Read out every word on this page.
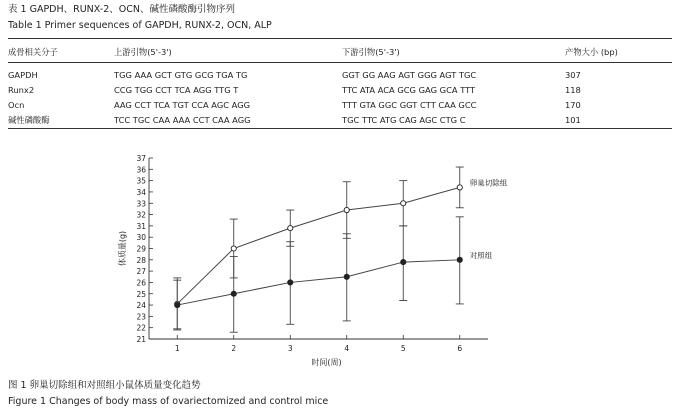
表 1 GAPDH、RUNX-2、OCN、碱性磷酸酶引物序列
Table 1 Primer sequences of GAPDH, RUNX-2, OCN, ALP
成骨相关分子	上游引物(5'-3')	下游引物(5'-3')	产物大小 (bp)
GAPDH	TGG AAA GCT GTG GCG TGA TG	GGT GG AAG AGT GGG AGT TGC	307
Runx2	CCG TGG CCT TCA AGG TTG T	TTC ATA ACA GCG GAG GCA TTT	118
Ocn	AAG CCT TCA TGT CCA AGC AGG	TTT GTA GGC GGT CTT CAA GCC	170
碱性磷酸酶	TCC TGC CAA AAA CCT CAA AGG	TGC TTC ATG CAG AGC CTG C	101
21
22
23
24
25
26
27
28
29
30
31
32
33
34
35
36
37
1	2	3	4	5	6
时间(周)
体质量(g)
卵巢切除组
对照组
图 1 卵巢切除组和对照组小鼠体质量变化趋势
Figure 1 Changes of body mass of ovariectomized and control mice
